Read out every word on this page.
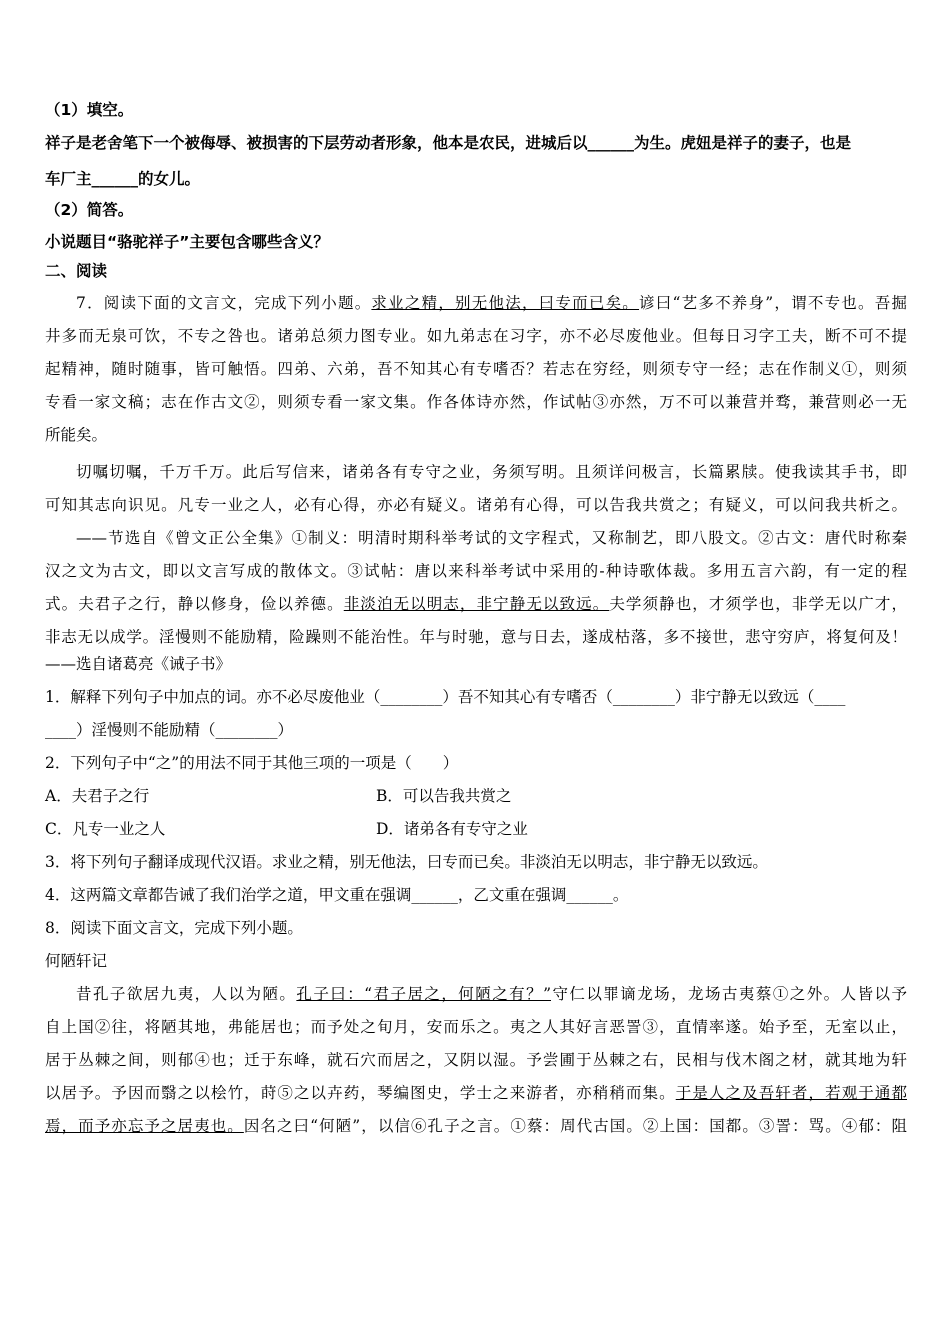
（1）填空。

祥子是老舍笔下一个被侮辱、被损害的下层劳动者形象，他本是农民，进城后以______为生。虎妞是祥子的妻子，也是

车厂主______的女儿。

（2）简答。

小说题目“骆驼祥子”主要包含哪些含义？

二、阅读

7．阅读下面的文言文，完成下列小题。求业之精，别无他法，曰专而已矣。谚曰“艺多不养身”，谓不专也。吾掘
井多而无泉可饮，不专之咎也。诸弟总须力图专业。如九弟志在习字，亦不必尽废他业。但每日习字工夫，断不可不提
起精神，随时随事，皆可触悟。四弟、六弟，吾不知其心有专嗜否？若志在穷经，则须专守一经；志在作制义①，则须
专看一家文稿；志在作古文②，则须专看一家文集。作各体诗亦然，作试帖③亦然，万不可以兼营并骛，兼营则必一无
所能矣。
切嘱切嘱，千万千万。此后写信来，诸弟各有专守之业，务须写明。且须详问极言，长篇累牍。使我读其手书，即
可知其志向识见。凡专一业之人，必有心得，亦必有疑义。诸弟有心得，可以告我共赏之；有疑义，可以问我共析之。
——节选自《曾文正公全集》①制义：明清时期科举考试的文字程式，又称制艺，即八股文。②古文：唐代时称秦
汉之文为古文，即以文言写成的散体文。③试帖：唐以来科举考试中采用的-种诗歌体裁。多用五言六韵，有一定的程
式。夫君子之行，静以修身，俭以养德。非淡泊无以明志，非宁静无以致远。夫学须静也，才须学也，非学无以广才，
非志无以成学。淫慢则不能励精，险躁则不能治性。年与时驰，意与日去，遂成枯落，多不接世，悲守穷庐，将复何及！
——选自诸葛亮《诫子书》

1．解释下列句子中加点的词。亦不必尽废他业（________）吾不知其心有专嗜否（________）非宁静无以致远（____

____）淫慢则不能励精（________）

2．下列句子中“之”的用法不同于其他三项的一项是（　　）

A．夫君子之行	B．可以告我共赏之
C．凡专一业之人	D．诸弟各有专守之业

3．将下列句子翻译成现代汉语。求业之精，别无他法，曰专而已矣。非淡泊无以明志，非宁静无以致远。

4．这两篇文章都告诫了我们治学之道，甲文重在强调______，乙文重在强调______。

8．阅读下面文言文，完成下列小题。

何陋轩记

昔孔子欲居九夷，人以为陋。孔子曰：“君子居之，何陋之有？”守仁以罪谪龙场，龙场古夷蔡①之外。人皆以予
自上国②往，将陋其地，弗能居也；而予处之旬月，安而乐之。夷之人其好言恶詈③，直情率遂。始予至，无室以止，
居于丛棘之间，则郁④也；迁于东峰，就石穴而居之，又阴以湿。予尝圃于丛棘之右，民相与伐木阁之材，就其地为轩
以居予。予因而翳之以桧竹，莳⑤之以卉药，琴编图史，学士之来游者，亦稍稍而集。于是人之及吾轩者，若观于通都
焉，而予亦忘予之居夷也。因名之曰“何陋”，以信⑥孔子之言。①蔡：周代古国。②上国：国都。③詈：骂。④郁：阻
